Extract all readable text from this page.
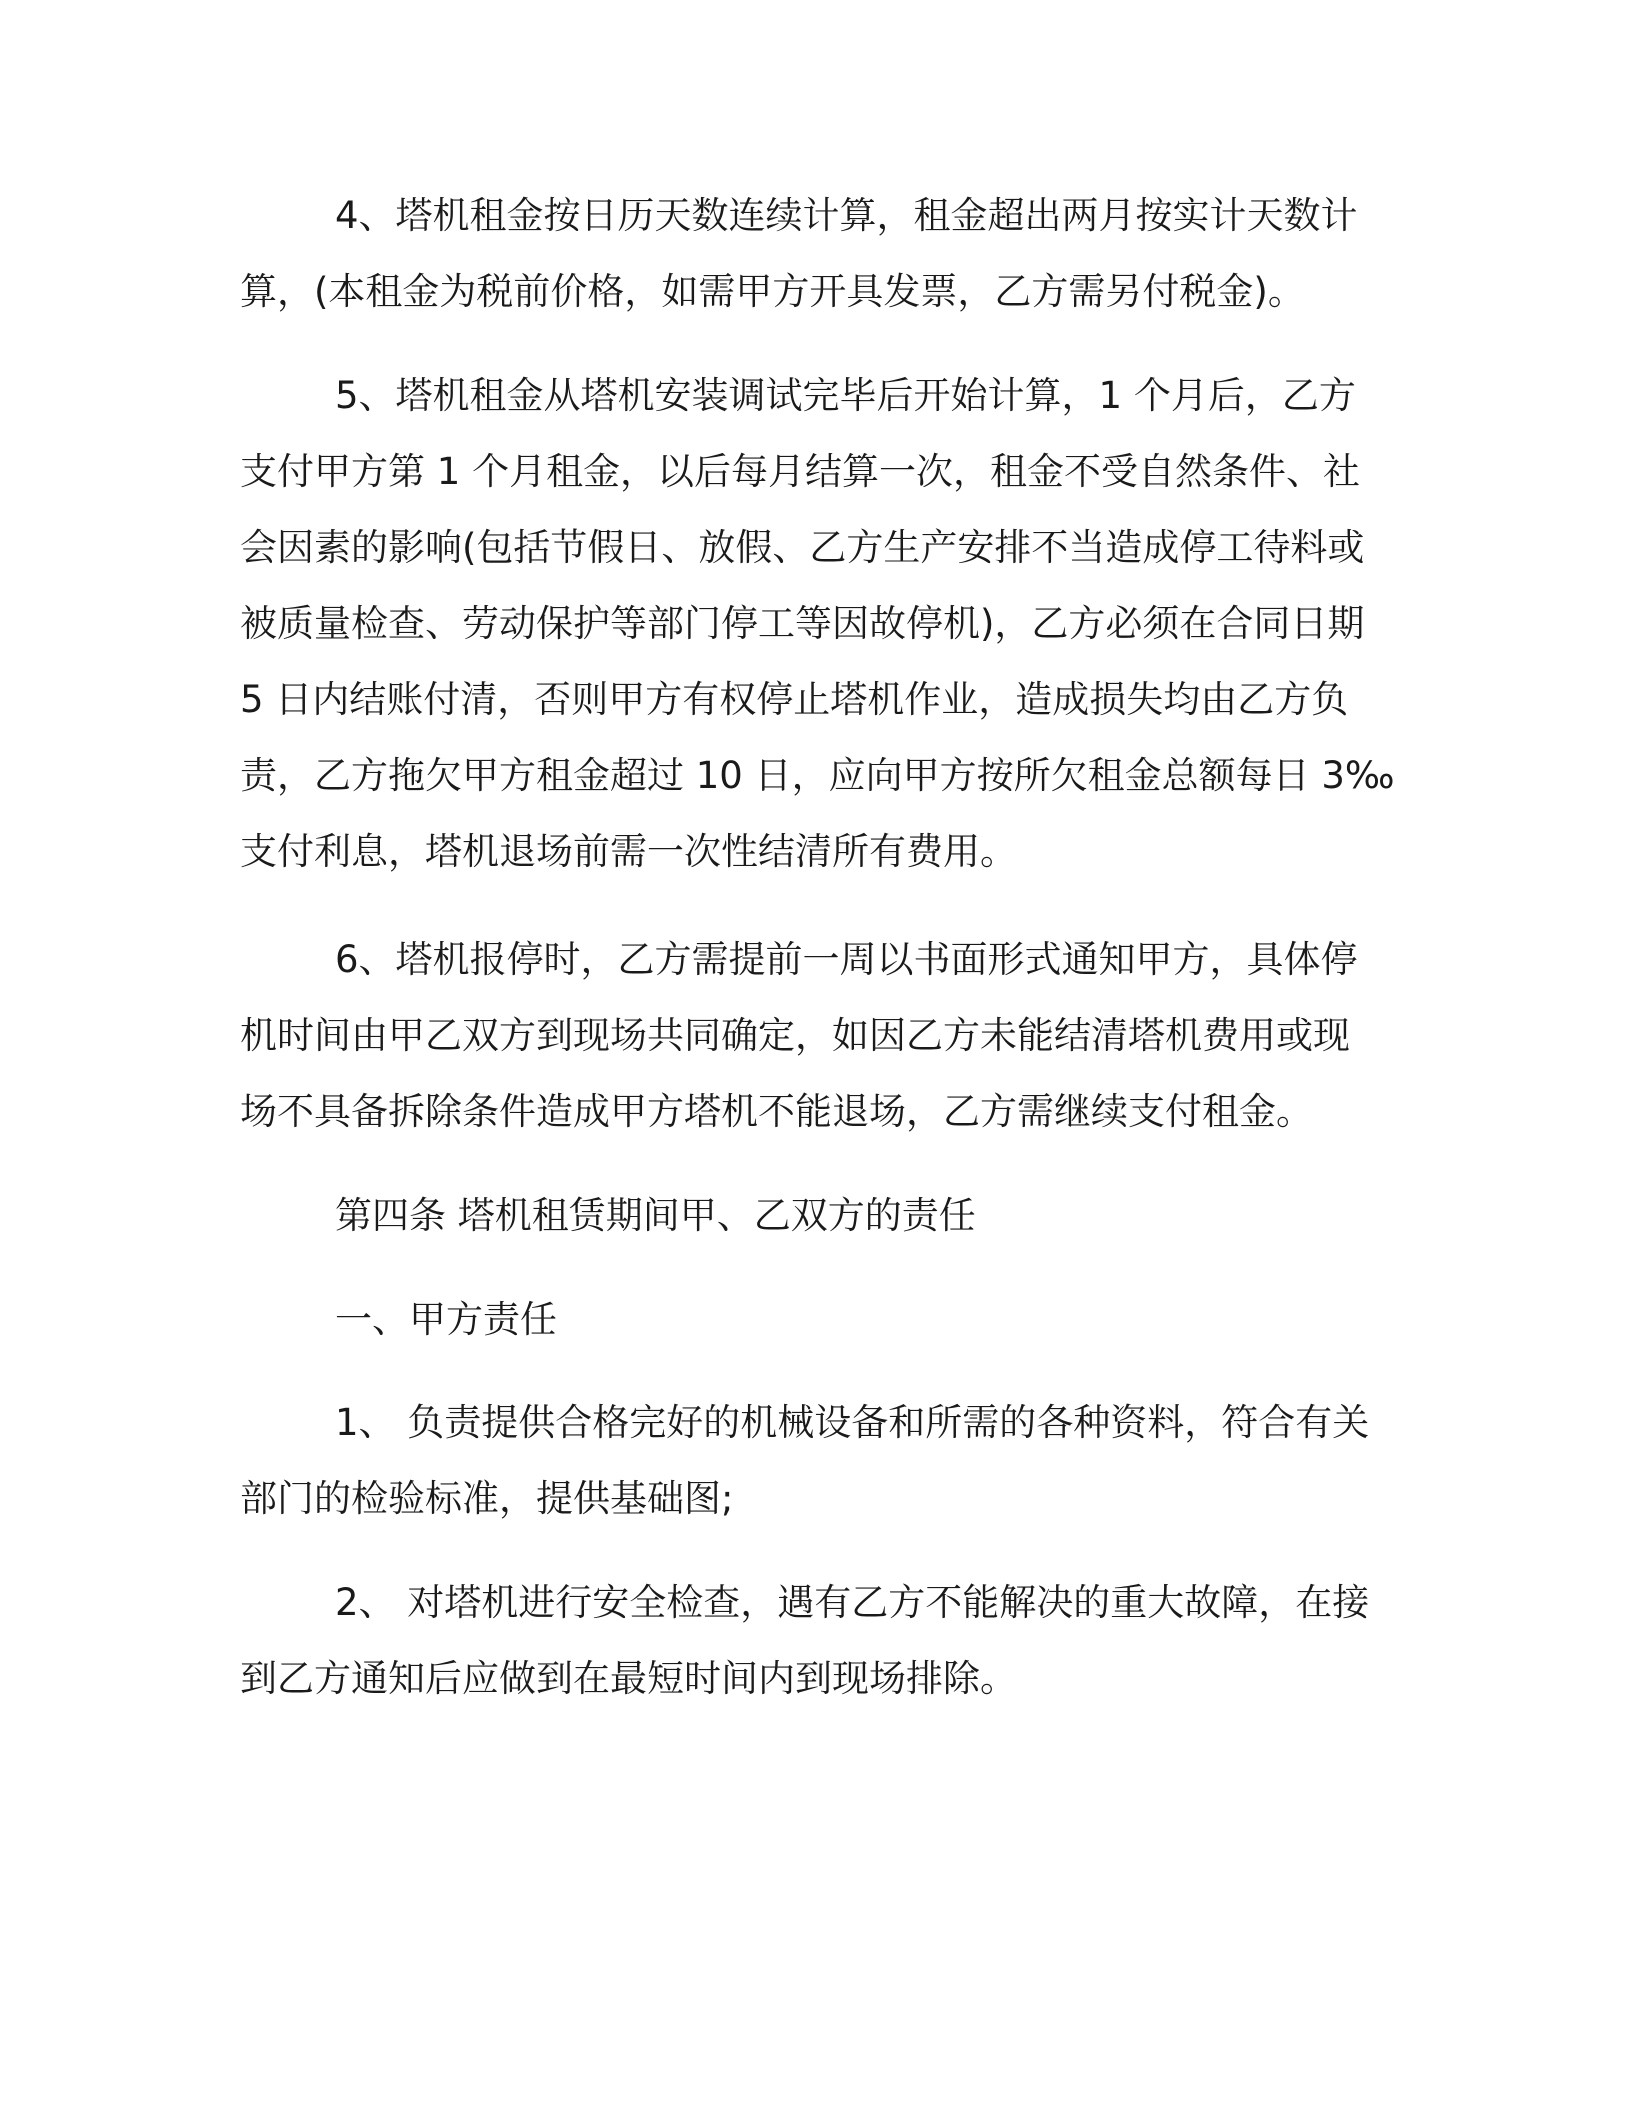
4、塔机租金按日历天数连续计算，租金超出两月按实计天数计
算，(本租金为税前价格，如需甲方开具发票，乙方需另付税金)。
5、塔机租金从塔机安装调试完毕后开始计算，1 个月后，乙方
支付甲方第 1 个月租金，以后每月结算一次，租金不受自然条件、社
会因素的影响(包括节假日、放假、乙方生产安排不当造成停工待料或
被质量检查、劳动保护等部门停工等因故停机)，乙方必须在合同日期
5 日内结账付清，否则甲方有权停止塔机作业，造成损失均由乙方负
责，乙方拖欠甲方租金超过 10 日，应向甲方按所欠租金总额每日 3‰
支付利息，塔机退场前需一次性结清所有费用。
6、塔机报停时，乙方需提前一周以书面形式通知甲方，具体停
机时间由甲乙双方到现场共同确定，如因乙方未能结清塔机费用或现
场不具备拆除条件造成甲方塔机不能退场，乙方需继续支付租金。
第四条 塔机租赁期间甲、乙双方的责任
一、甲方责任
1、 负责提供合格完好的机械设备和所需的各种资料，符合有关
部门的检验标准，提供基础图;
2、 对塔机进行安全检查，遇有乙方不能解决的重大故障，在接
到乙方通知后应做到在最短时间内到现场排除。
